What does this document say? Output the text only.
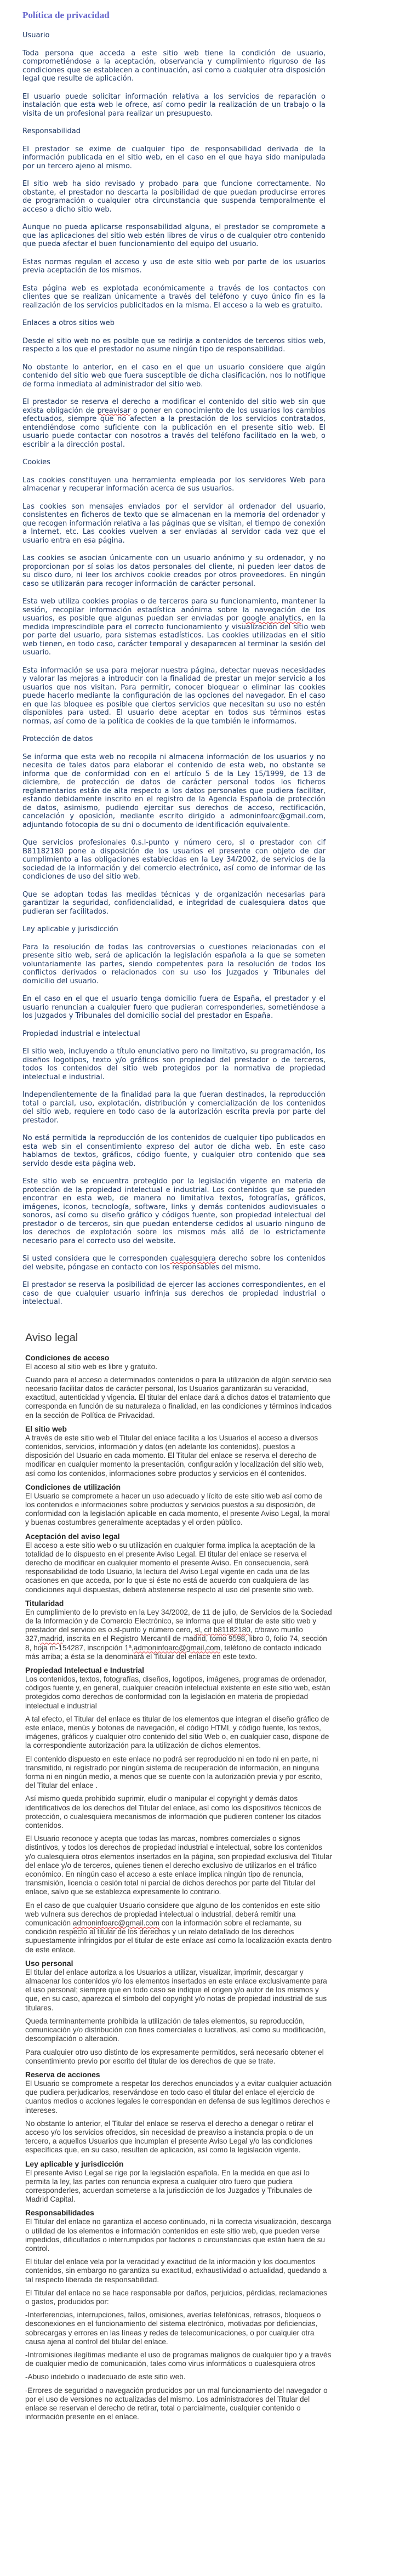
Política de privacidad
Usuario

Toda persona que acceda a este sitio web tiene la condición de usuario, comprometiéndose a la aceptación, observancia y cumplimiento riguroso de las condiciones que se establecen a continuación, así como a cualquier otra disposición legal que resulte de aplicación.

El usuario puede solicitar información relativa a los servicios de reparación o instalación que esta web le ofrece, así como pedir la realización de un trabajo o la visita de un profesional para realizar un presupuesto.

Responsabilidad

El prestador se exime de cualquier tipo de responsabilidad derivada de la información publicada en el sitio web, en el caso en el que haya sido manipulada por un tercero ajeno al mismo.

El sitio web ha sido revisado y probado para que funcione correctamente. No obstante, el prestador no descarta la posibilidad de que puedan producirse errores de programación o cualquier otra circunstancia que suspenda temporalmente el acceso a dicho sitio web.

Aunque no pueda aplicarse responsabilidad alguna, el prestador se compromete a que las aplicaciones del sitio web estén libres de virus o de cualquier otro contenido que pueda afectar el buen funcionamiento del equipo del usuario.

Estas normas regulan el acceso y uso de este sitio web por parte de los usuarios previa aceptación de los mismos.

Esta página web es explotada económicamente a través de los contactos con clientes que se realizan únicamente a través del teléfono y cuyo único fin es la realización de los servicios publicitados en la misma. El acceso a la web es gratuito.

Enlaces a otros sitios web

Desde el sitio web no es posible que se redirija a contenidos de terceros sitios web, respecto a los que el prestador no asume ningún tipo de responsabilidad.

No obstante lo anterior, en el caso en el que un usuario considere que algún contenido del sitio web que fuera susceptible de dicha clasificación, nos lo notifique de forma inmediata al administrador del sitio web.

El prestador se reserva el derecho a modificar el contenido del sitio web sin que exista obligación de preavisar o poner en conocimiento de los usuarios los cambios efectuados, siempre que no afecten a la prestación de los servicios contratados, entendiéndose como suficiente con la publicación en el presente sitio web. El usuario puede contactar con nosotros a través del teléfono facilitado en la web, o escribir a la dirección postal.

Cookies

Las cookies constituyen una herramienta empleada por los servidores Web para almacenar y recuperar información acerca de sus usuarios.

Las cookies son mensajes enviados por el servidor al ordenador del usuario, consistentes en ficheros de texto que se almacenan en la memoria del ordenador y que recogen información relativa a las páginas que se visitan, el tiempo de conexión a Internet, etc. Las cookies vuelven a ser enviadas al servidor cada vez que el usuario entra en esa página.

Las cookies se asocian únicamente con un usuario anónimo y su ordenador, y no proporcionan por sí solas los datos personales del cliente, ni pueden leer datos de su disco duro, ni leer los archivos cookie creados por otros proveedores. En ningún caso se utilizarán para recoger información de carácter personal.

Esta web utiliza cookies propias o de terceros para su funcionamiento, mantener la sesión, recopilar información estadística anónima sobre la navegación de los usuarios, es posible que algunas puedan ser enviadas por google analytics, en la medida imprescindible para el correcto funcionamiento y visualización del sitio web por parte del usuario, para sistemas estadísticos. Las cookies utilizadas en el sitio web tienen, en todo caso, carácter temporal y desaparecen al terminar la sesión del usuario.

Esta información se usa para mejorar nuestra página, detectar nuevas necesidades y valorar las mejoras a introducir con la finalidad de prestar un mejor servicio a los usuarios que nos visitan. Para permitir, conocer bloquear o eliminar las cookies puede hacerlo mediante la configuración de las opciones del navegador. En el caso en que las bloquee es posible que ciertos servicios que necesitan su uso no estén disponibles para usted. El usuario debe aceptar en todos sus términos estas normas, así como de la política de cookies de la que también le informamos.

Protección de datos

Se informa que esta web no recopila ni almacena información de los usuarios y no necesita de tales datos para elaborar el contenido de esta web, no obstante se informa que de conformidad con en el artículo 5 de la Ley 15/1999, de 13 de diciembre, de protección de datos de carácter personal todos los ficheros reglamentarios están de alta respecto a los datos personales que pudiera facilitar, estando debidamente inscrito en el registro de la Agencia Española de protección de datos, asimismo, pudiendo ejercitar sus derechos de acceso, rectificación, cancelación y oposición, mediante escrito dirigido a admoninfoarc@gmail.com, adjuntando fotocopia de su dni o documento de identificación equivalente.

Que servicios profesionales 0.s.l-punto y número cero, sl o prestador con cif B81182180 pone a disposición de los usuarios el presente con objeto de dar cumplimiento a las obligaciones establecidas en la Ley 34/2002, de servicios de la sociedad de la información y del comercio electrónico, así como de informar de las condiciones de uso del sitio web.

Que se adoptan todas las medidas técnicas y de organización necesarias para garantizar la seguridad, confidencialidad, e integridad de cualesquiera datos que pudieran ser facilitados.

Ley aplicable y jurisdicción

Para la resolución de todas las controversias o cuestiones relacionadas con el presente sitio web, será de aplicación la legislación española a la que se someten voluntariamente las partes, siendo competentes para la resolución de todos los conflictos derivados o relacionados con su uso los Juzgados y Tribunales del domicilio del usuario.

En el caso en el que el usuario tenga domicilio fuera de España, el prestador y el usuario renuncian a cualquier fuero que pudieran corresponderles, sometiéndose a los Juzgados y Tribunales del domicilio social del prestador en España.

Propiedad industrial e intelectual

El sitio web, incluyendo a título enunciativo pero no limitativo, su programación, los diseños logotipos, texto y/o gráficos son propiedad del prestador o de terceros, todos los contenidos del sitio web protegidos por la normativa de propiedad intelectual e industrial.

Independientemente de la finalidad para la que fueran destinados, la reproducción total o parcial, uso, explotación, distribución y comercialización de los contenidos del sitio web, requiere en todo caso de la autorización escrita previa por parte del prestador.

No está permitida la reproducción de los contenidos de cualquier tipo publicados en esta web sin el consentimiento expreso del autor de dicha web. En este caso hablamos de textos, gráficos, código fuente, y cualquier otro contenido que sea servido desde esta página web.

Este sitio web se encuentra protegido por la legislación vigente en materia de protección de la propiedad intelectual e industrial. Los contenidos que se pueden encontrar en esta web, de manera no limitativa textos, fotografías, gráficos, imágenes, iconos, tecnología, software, links y demás contenidos audiovisuales o sonoros, así como su diseño gráfico y códigos fuente, son propiedad intelectual del prestador o de terceros, sin que puedan entenderse cedidos al usuario ninguno de los derechos de explotación sobre los mismos más allá de lo estrictamente necesario para el correcto uso del website.

Si usted considera que le corresponden cualesquiera derecho sobre los contenidos del website, póngase en contacto con los responsables del mismo.

El prestador se reserva la posibilidad de ejercer las acciones correspondientes, en el caso de que cualquier usuario infrinja sus derechos de propiedad industrial o intelectual.

Aviso legal
Condiciones de acceso

El acceso al sitio web es libre y gratuito.

Cuando para el acceso a determinados contenidos o para la utilización de algún servicio sea necesario facilitar datos de carácter personal, los Usuarios garantizarán su veracidad, exactitud, autenticidad y vigencia. El titular del enlace dará a dichos datos el tratamiento que corresponda en función de su naturaleza o finalidad, en las condiciones y términos indicados en la sección de Política de Privacidad.

El sitio web

A través de este sitio web el Titular del enlace facilita a los Usuarios el acceso a diversos contenidos, servicios, información y datos (en adelante los contenidos), puestos a disposición del Usuario en cada momento. El Titular del enlace se reserva el derecho de modificar en cualquier momento la presentación, configuración y localización del sitio web, así como los contenidos, informaciones sobre productos y servicios en él contenidos.

Condiciones de utilización

El Usuario se compromete a hacer un uso adecuado y lícito de este sitio web así como de los contenidos e informaciones sobre productos y servicios puestos a su disposición, de conformidad con la legislación aplicable en cada momento, el presente Aviso Legal, la moral y buenas costumbres generalmente aceptadas y el orden público.

Aceptación del aviso legal

El acceso a este sitio web o su utilización en cualquier forma implica la aceptación de la totalidad de lo dispuesto en el presente Aviso Legal. El titular del enlace se reserva el derecho de modificar en cualquier momento el presente Aviso. En consecuencia, será responsabilidad de todo Usuario, la lectura del Aviso Legal vigente en cada una de las ocasiones en que acceda, por lo que si éste no está de acuerdo con cualquiera de las condiciones aquí dispuestas, deberá abstenerse respecto al uso del presente sitio web.

Titularidad

En cumplimiento de lo previsto en la Ley 34/2002, de 11 de julio, de Servicios de la Sociedad de la Información y de Comercio Electrónico, se informa que el titular de este sitio web y prestador del servicio es o.sl-punto y número cero, sl, cif b81182180, c/bravo murillo 327,madrid, inscrita en el Registro Mercantil de madrid, tomo 9598, libro 0, folio 74, sección 8, hoja m-154287, inscripción 1ª,admoninfoarc@gmail,com, teléfono de contacto indicado más arriba; a ésta se la denominará el Titular del enlace en este texto.

Propiedad Intelectual e Industrial

Los contenidos, textos, fotografías, diseños, logotipos, imágenes, programas de ordenador, códigos fuente y, en general, cualquier creación intelectual existente en este sitio web, están protegidos como derechos de conformidad con la legislación en materia de propiedad intelectual e industrial

A tal efecto, el Titular del enlace es titular de los elementos que integran el diseño gráfico de este enlace, menús y botones de navegación, el código HTML y código fuente, los textos, imágenes, gráficos y cualquier otro contenido del sitio Web o, en cualquier caso, dispone de la correspondiente autorización para la utilización de dichos elementos.

El contenido dispuesto en este enlace no podrá ser reproducido ni en todo ni en parte, ni transmitido, ni registrado por ningún sistema de recuperación de información, en ninguna forma ni en ningún medio, a menos que se cuente con la autorización previa y por escrito, del Titular del enlace .

Así mismo queda prohibido suprimir, eludir o manipular el copyright y demás datos identificativos de los derechos del Titular del enlace, así como los dispositivos técnicos de protección, o cualesquiera mecanismos de información que pudieren contener los citados contenidos.

El Usuario reconoce y acepta que todas las marcas, nombres comerciales o signos distintivos, y todos los derechos de propiedad industrial e intelectual, sobre los contenidos y/o cualesquiera otros elementos insertados en la página, son propiedad exclusiva del Titular del enlace y/o de terceros, quienes tienen el derecho exclusivo de utilizarlos en el tráfico económico. En ningún caso el acceso a este enlace implica ningún tipo de renuncia, transmisión, licencia o cesión total ni parcial de dichos derechos por parte del Titular del enlace, salvo que se establezca expresamente lo contrario.

En el caso de que cualquier Usuario considere que alguno de los contenidos en este sitio web vulnera sus derechos de propiedad intelectual o industrial, deberá remitir una comunicación admoninfoarc@gmail.com con la información sobre el reclamante, su condición respecto al titular de los derechos y un relato detallado de los derechos supuestamente infringidos por el titular de este enlace así como la localización exacta dentro de este enlace.

Uso personal

El titular del enlace autoriza a los Usuarios a utilizar, visualizar, imprimir, descargar y almacenar los contenidos y/o los elementos insertados en este enlace exclusivamente para el uso personal; siempre que en todo caso se indique el origen y/o autor de los mismos y que, en su caso, aparezca el símbolo del copyright y/o notas de propiedad industrial de sus titulares.

Queda terminantemente prohibida la utilización de tales elementos, su reproducción, comunicación y/o distribución con fines comerciales o lucrativos, así como su modificación, descompilación o alteración.

Para cualquier otro uso distinto de los expresamente permitidos, será necesario obtener el consentimiento previo por escrito del titular de los derechos de que se trate.

Reserva de acciones

El Usuario se compromete a respetar los derechos enunciados y a evitar cualquier actuación que pudiera perjudicarlos, reservándose en todo caso el titular del enlace el ejercicio de cuantos medios o acciones legales le correspondan en defensa de sus legítimos derechos e intereses.

No obstante lo anterior, el Titular del enlace se reserva el derecho a denegar o retirar el acceso y/o los servicios ofrecidos, sin necesidad de preaviso a instancia propia o de un tercero, a aquellos Usuarios que incumplan el presente Aviso Legal y/o las condiciones específicas que, en su caso, resulten de aplicación, así como la legislación vigente.

Ley aplicable y jurisdicción

El presente Aviso Legal se rige por la legislación española. En la medida en que así lo permita la ley, las partes con renuncia expresa a cualquier otro fuero que pudiera corresponderles, acuerdan someterse a la jurisdicción de los Juzgados y Tribunales de Madrid Capital.

Responsabilidades

El Titular del enlace no garantiza el acceso continuado, ni la correcta visualización, descarga o utilidad de los elementos e información contenidos en este sitio web, que pueden verse impedidos, dificultados o interrumpidos por factores o circunstancias que están fuera de su control.

El titular del enlace vela por la veracidad y exactitud de la información y los documentos contenidos, sin embargo no garantiza su exactitud, exhaustividad o actualidad, quedando a tal respecto liberada de responsabilidad.

El Titular del enlace no se hace responsable por daños, perjuicios, pérdidas, reclamaciones o gastos, producidos por:

-Interferencias, interrupciones, fallos, omisiones, averías telefónicas, retrasos, bloqueos o desconexiones en el funcionamiento del sistema electrónico, motivadas por deficiencias, sobrecargas y errores en las líneas y redes de telecomunicaciones, o por cualquier otra causa ajena al control del titular del enlace.

-Intromisiones ilegítimas mediante el uso de programas malignos de cualquier tipo y a través de cualquier medio de comunicación, tales como virus informáticos o cualesquiera otros

-Abuso indebido o inadecuado de este sitio web.

-Errores de seguridad o navegación producidos por un mal funcionamiento del navegador o por el uso de versiones no actualizadas del mismo. Los administradores del Titular del enlace se reservan el derecho de retirar, total o parcialmente, cualquier contenido o información presente en el enlace.
